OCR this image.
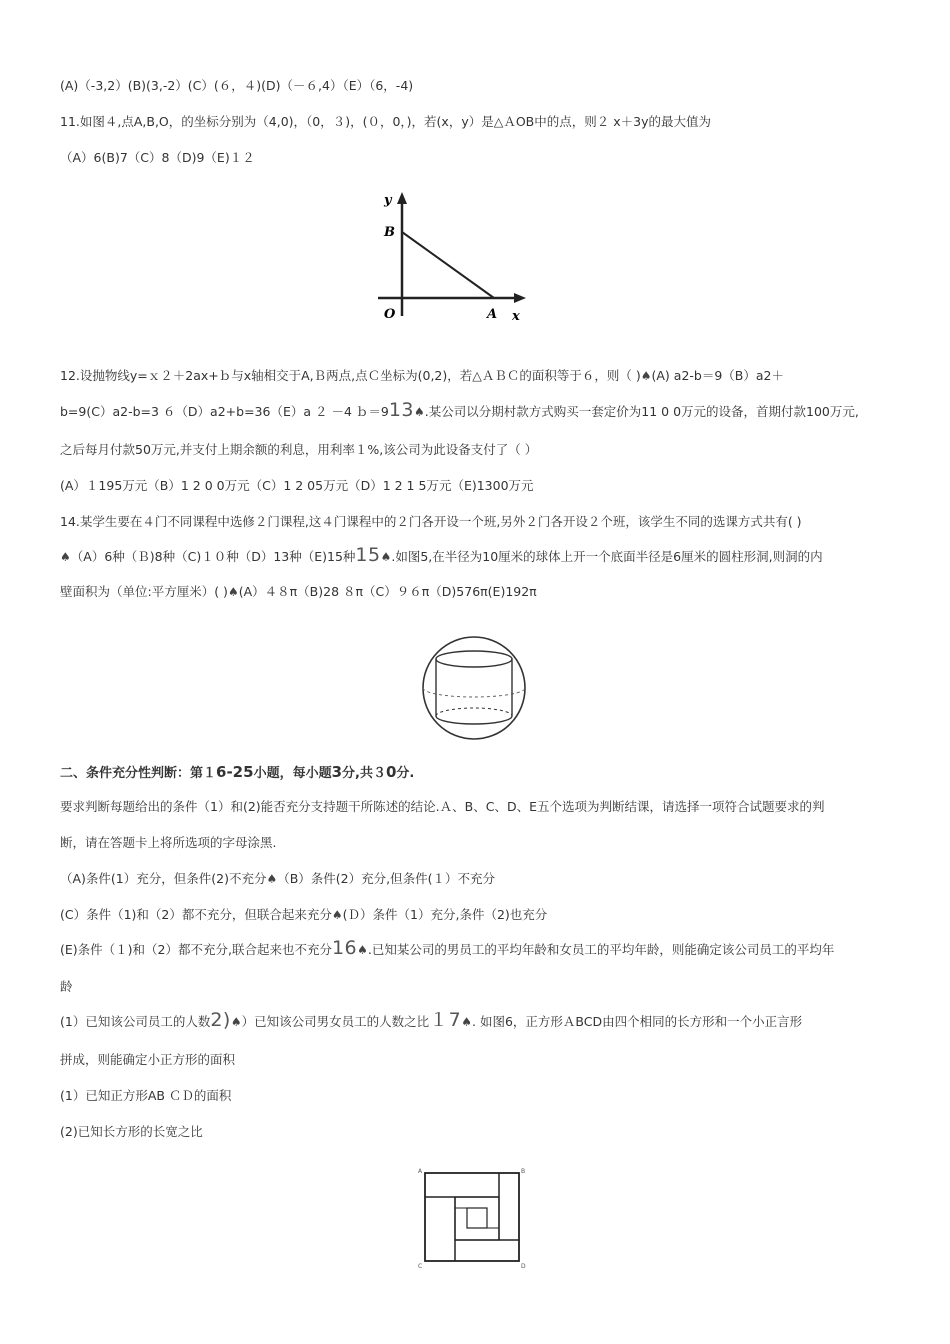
(A)（-3,2）(B)(3,-2）(C）(６，４)(D)（－６,4）（E）（6，-4)
11.如图４,点A,B,O，的坐标分别为（4,0)，（0，３)，(０，0，)，若(x，y）是△ＡOB中的点，则２ x＋3y的最大值为
（A）6(B)7（C）8（D)9（E)１２
y
B
O	A x
12.设抛物线y=ｘ２＋2ax+ｂ与x轴相交于A,Ｂ两点,点Ｃ坐标为(0,2)，若△ＡＢＣ的面积等于６，则（ )♠(A) a2-b＝9（B）a2＋
b=9(C）a2-b=3 ６（D）a2+b=36（E）a ２ －4 ｂ＝913♠.某公司以分期村款方式购买一套定价为11 0 0万元的设备，首期付款100万元,
之后每月付款50万元,并支付上期余额的利息，用利率１%,该公司为此设备支付了（ ）
(A）１195万元（B）1 2 0 0万元（C）1 2 05万元（D）1 2 1 5万元（E)1300万元
14.某学生要在４门不同课程中选修２门课程,这４门课程中的２门各开设一个班,另外２门各开设２个班，该学生不同的选课方式共有( )
♠（A）6种（Ｂ)8种（C)１０种（D）13种（E)15种15♠.如图5,在半径为10厘米的球体上开一个底面半径是6厘米的圆柱形洞,则洞的内
壁面积为（单位:平方厘米）( )♠(A）４８π（B)28 ８π（C）９６π（D)576π(E)192π
二、条件充分性判断：第１6-25小题，每小题3分,共３0分.
要求判断每题给出的条件（1）和(2)能否充分支持题干所陈述的结论.Ａ、B、C、D、E五个选项为判断结课，请选择一项符合试题要求的判
断，请在答题卡上将所选项的字母涂黑.
（A)条件(1）充分，但条件(2)不充分♠（B）条件(2）充分,但条件(１）不充分
(C）条件（1)和（2）都不充分，但联合起来充分♠(Ｄ）条件（1）充分,条件（2)也充分
(E)条件（１)和（2）都不充分,联合起来也不充分16♠.已知某公司的男员工的平均年龄和女员工的平均年龄，则能确定该公司员工的平均年
龄
(1）已知该公司员工的人数2)♠）已知该公司男女员工的人数之比１7♠. 如图6，正方形ＡBCD由四个相同的长方形和一个小正言形
拼成，则能确定小正方形的面积
(1）已知正方形AB ＣＤ的面积
(2)已知长方形的长宽之比
A	B
C	D
